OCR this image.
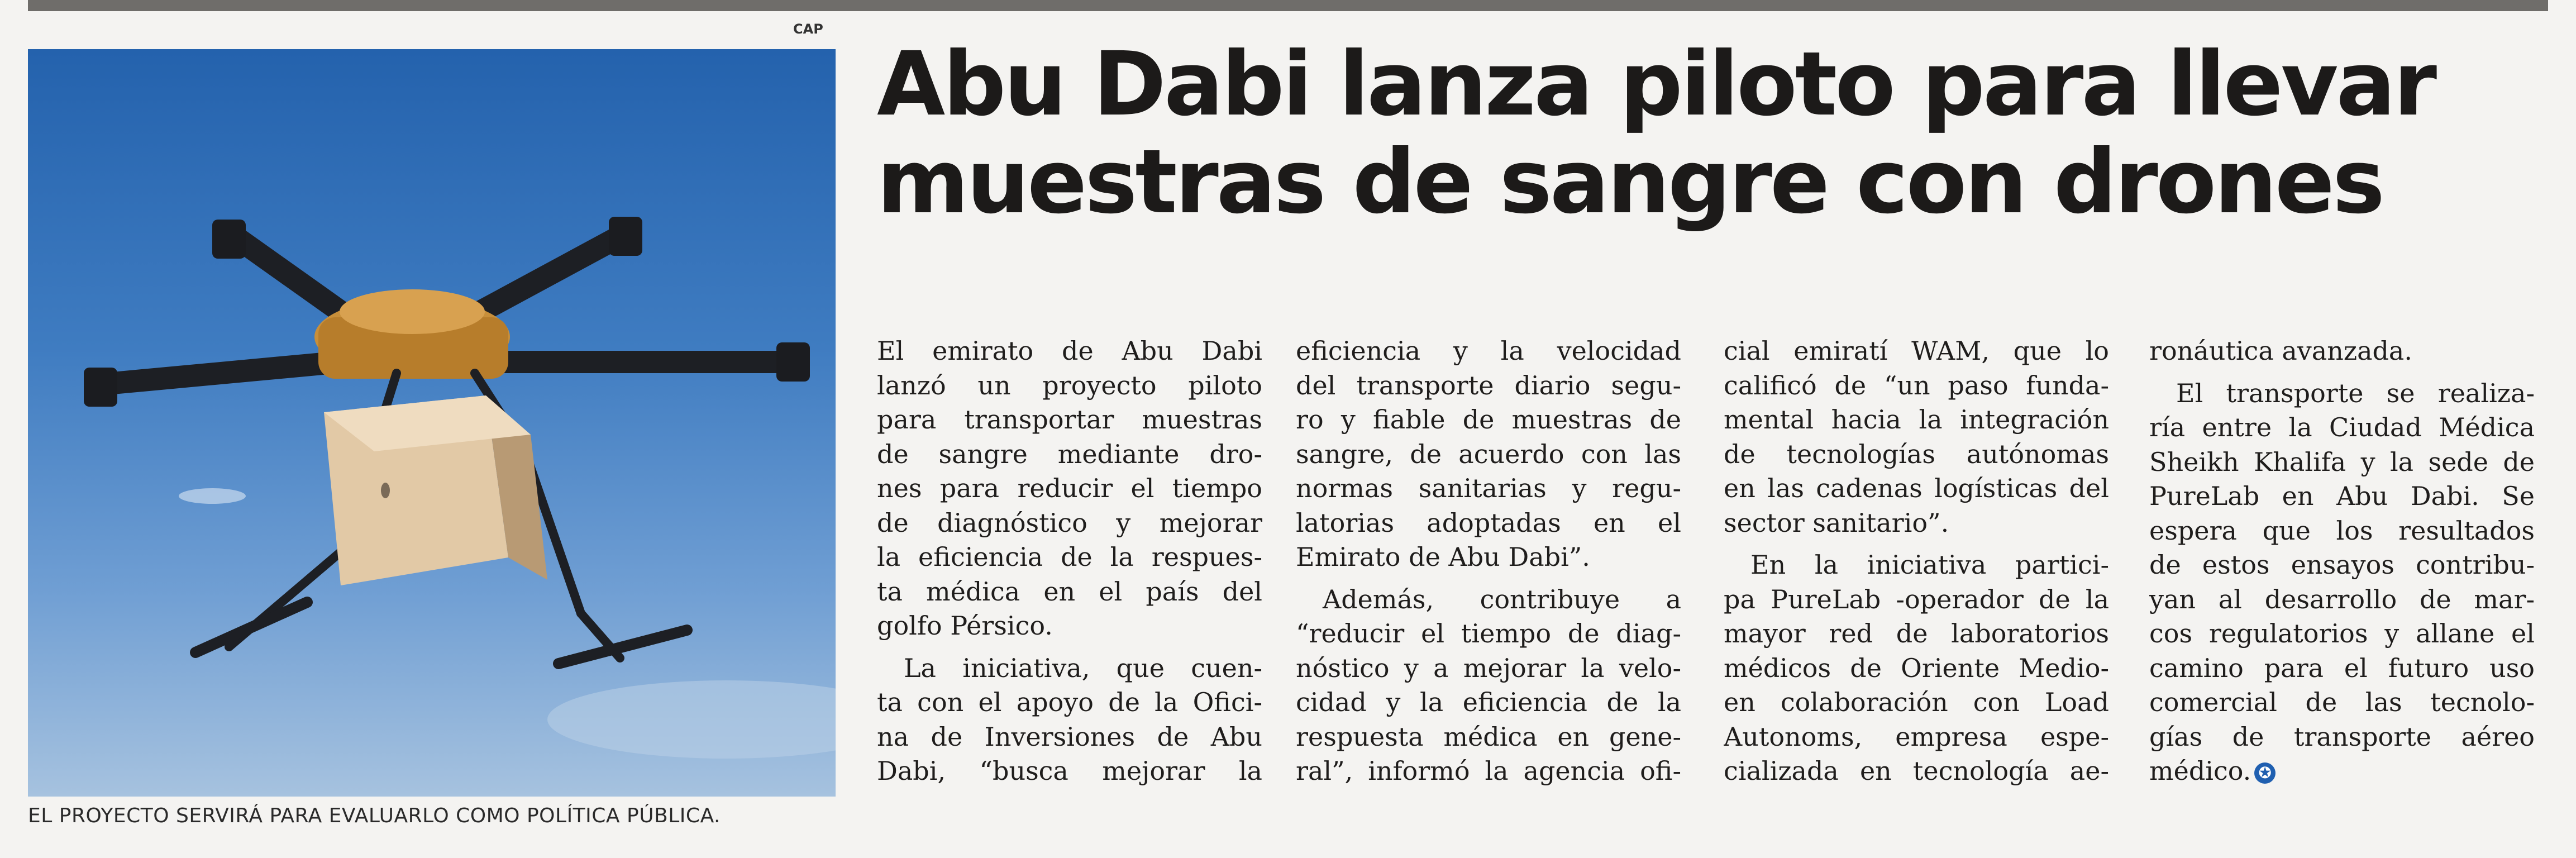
CAP
EL PROYECTO SERVIRÁ PARA EVALUARLO COMO POLÍTICA PÚBLICA.
Abu Dabi lanza piloto para llevar
muestras de sangre con drones

El emirato de Abu Dabi
lanzó un proyecto piloto
para transportar muestras
de sangre mediante dro-
nes para reducir el tiempo
de diagnóstico y mejorar
la eficiencia de la respues-
ta médica en el país del
golfo Pérsico.

La iniciativa, que cuen-
ta con el apoyo de la Ofici-
na de Inversiones de Abu
Dabi, “busca mejorar la

eficiencia y la velocidad
del transporte diario segu-
ro y fiable de muestras de
sangre, de acuerdo con las
normas sanitarias y regu-
latorias adoptadas en el
Emirato de Abu Dabi”.

Además, contribuye a
“reducir el tiempo de diag-
nóstico y a mejorar la velo-
cidad y la eficiencia de la
respuesta médica en gene-
ral”, informó la agencia ofi-

cial emiratí WAM, que lo
calificó de “un paso funda-
mental hacia la integración
de tecnologías autónomas
en las cadenas logísticas del
sector sanitario”.

En la iniciativa partici-
pa PureLab -operador de la
mayor red de laboratorios
médicos de Oriente Medio-
en colaboración con Load
Autonoms, empresa espe-
cializada en tecnología ae-

ronáutica avanzada.

El transporte se realiza-
ría entre la Ciudad Médica
Sheikh Khalifa y la sede de
PureLab en Abu Dabi. Se
espera que los resultados
de estos ensayos contribu-
yan al desarrollo de mar-
cos regulatorios y allane el
camino para el futuro uso
comercial de las tecnolo-
gías de transporte aéreo
médico. ✪
